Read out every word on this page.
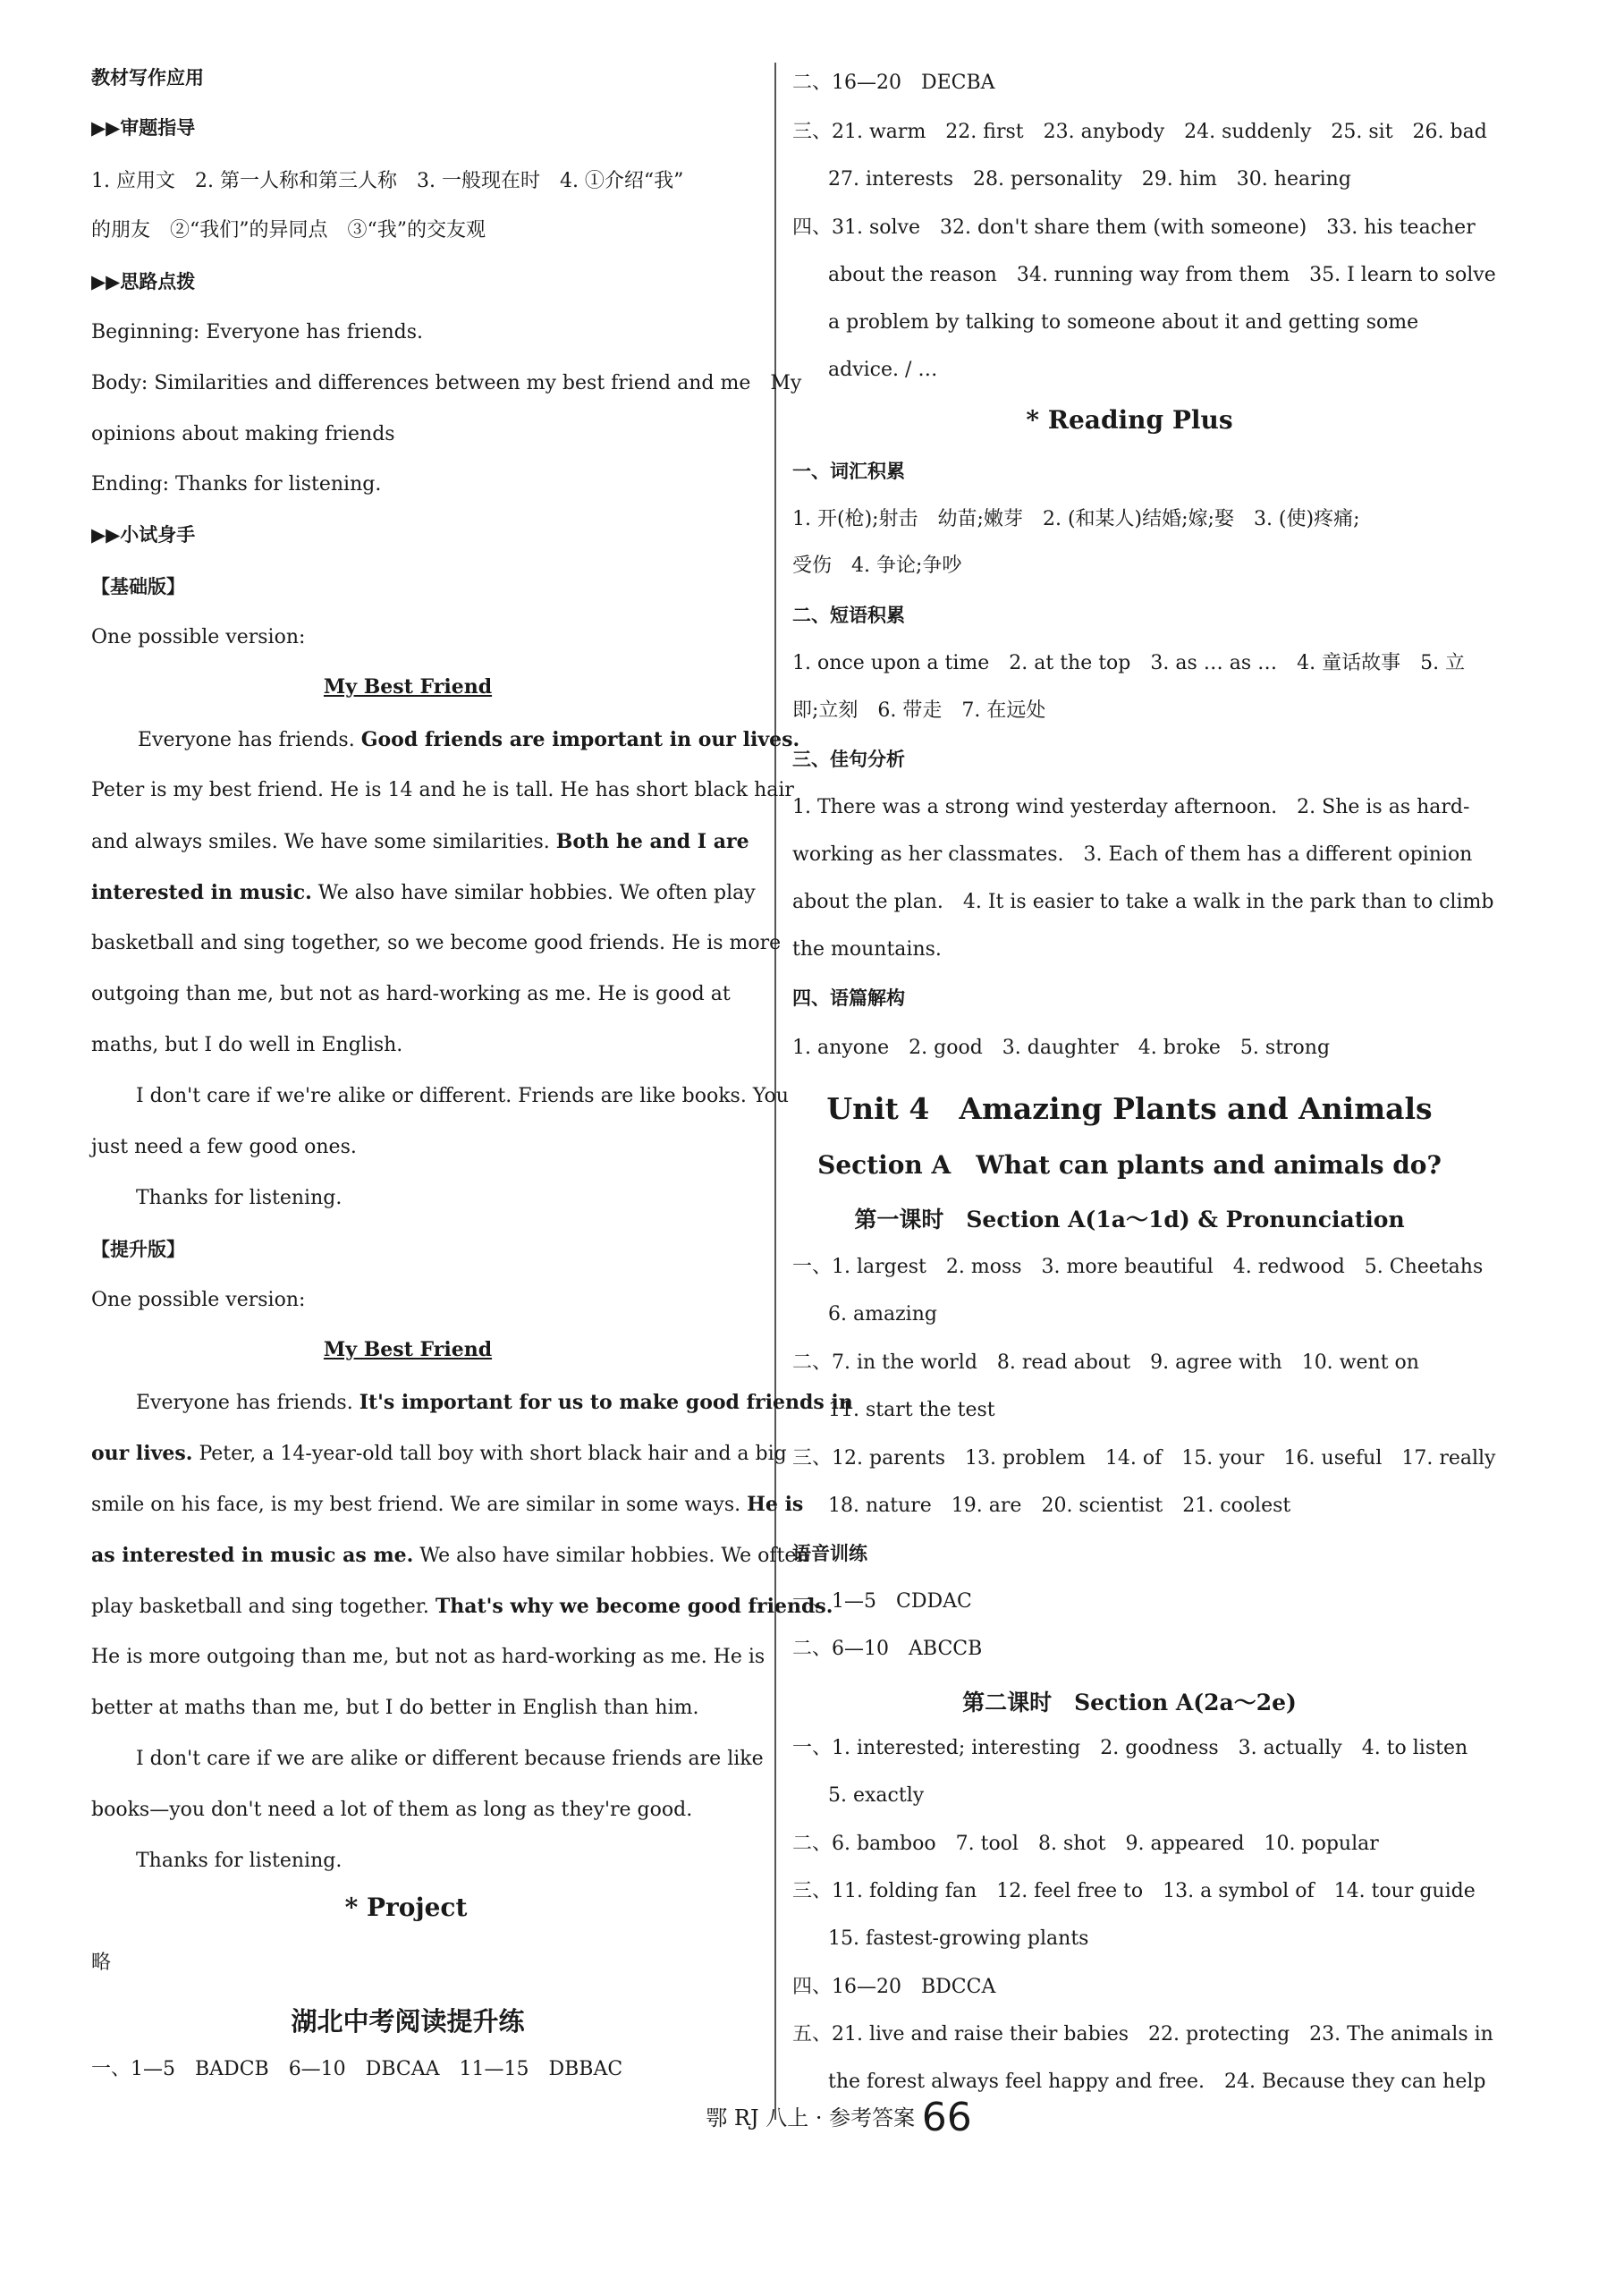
教材写作应用
▶▶审题指导
1. 应用文　2. 第一人称和第三人称　3. 一般现在时　4. ①介绍“我”
的朋友　②“我们”的异同点　③“我”的交友观
▶▶思路点拨
Beginning: Everyone has friends.
Body: Similarities and differences between my best friend and me　My
opinions about making friends
Ending: Thanks for listening.
▶▶小试身手
【基础版】
One possible version:
My Best Friend
Everyone has friends. Good friends are important in our lives.
Peter is my best friend. He is 14 and he is tall. He has short black hair
and always smiles. We have some similarities. Both he and I are
interested in music. We also have similar hobbies. We often play
basketball and sing together, so we become good friends. He is more
outgoing than me, but not as hard-working as me. He is good at
maths, but I do well in English.
I don't care if we're alike or different. Friends are like books. You
just need a few good ones.
Thanks for listening.
【提升版】
One possible version:
My Best Friend
Everyone has friends. It's important for us to make good friends in
our lives. Peter, a 14-year-old tall boy with short black hair and a big
smile on his face, is my best friend. We are similar in some ways. He is
as interested in music as me. We also have similar hobbies. We often
play basketball and sing together. That's why we become good friends.
He is more outgoing than me, but not as hard-working as me. He is
better at maths than me, but I do better in English than him.
I don't care if we are alike or different because friends are like
books—you don't need a lot of them as long as they're good.
Thanks for listening.
* Project
略
湖北中考阅读提升练
一、1—5　BADCB　6—10　DBCAA　11—15　DBBAC
二、16—20　DECBA
三、21. warm　22. first　23. anybody　24. suddenly　25. sit　26. bad
27. interests　28. personality　29. him　30. hearing
四、31. solve　32. don't share them (with someone)　33. his teacher
about the reason　34. running way from them　35. I learn to solve
a problem by talking to someone about it and getting some
advice. / …
* Reading Plus
一、词汇积累
1. 开(枪);射击　幼苗;嫩芽　2. (和某人)结婚;嫁;娶　3. (使)疼痛;
受伤　4. 争论;争吵
二、短语积累
1. once upon a time　2. at the top　3. as … as …　4. 童话故事　5. 立
即;立刻　6. 带走　7. 在远处
三、佳句分析
1. There was a strong wind yesterday afternoon.　2. She is as hard-
working as her classmates.　3. Each of them has a different opinion
about the plan.　4. It is easier to take a walk in the park than to climb
the mountains.
四、语篇解构
1. anyone　2. good　3. daughter　4. broke　5. strong
Unit 4　Amazing Plants and Animals
Section A　What can plants and animals do?
第一课时　Section A(1a～1d) & Pronunciation
一、1. largest　2. moss　3. more beautiful　4. redwood　5. Cheetahs
6. amazing
二、7. in the world　8. read about　9. agree with　10. went on
11. start the test
三、12. parents　13. problem　14. of　15. your　16. useful　17. really
18. nature　19. are　20. scientist　21. coolest
语音训练
一、1—5　CDDAC
二、6—10　ABCCB
第二课时　Section A(2a～2e)
一、1. interested; interesting　2. goodness　3. actually　4. to listen
5. exactly
二、6. bamboo　7. tool　8. shot　9. appeared　10. popular
三、11. folding fan　12. feel free to　13. a symbol of　14. tour guide
15. fastest-growing plants
四、16—20　BDCCA
五、21. live and raise their babies　22. protecting　23. The animals in
the forest always feel happy and free.　24. Because they can help
鄂 RJ 八上 · 参考答案 66
